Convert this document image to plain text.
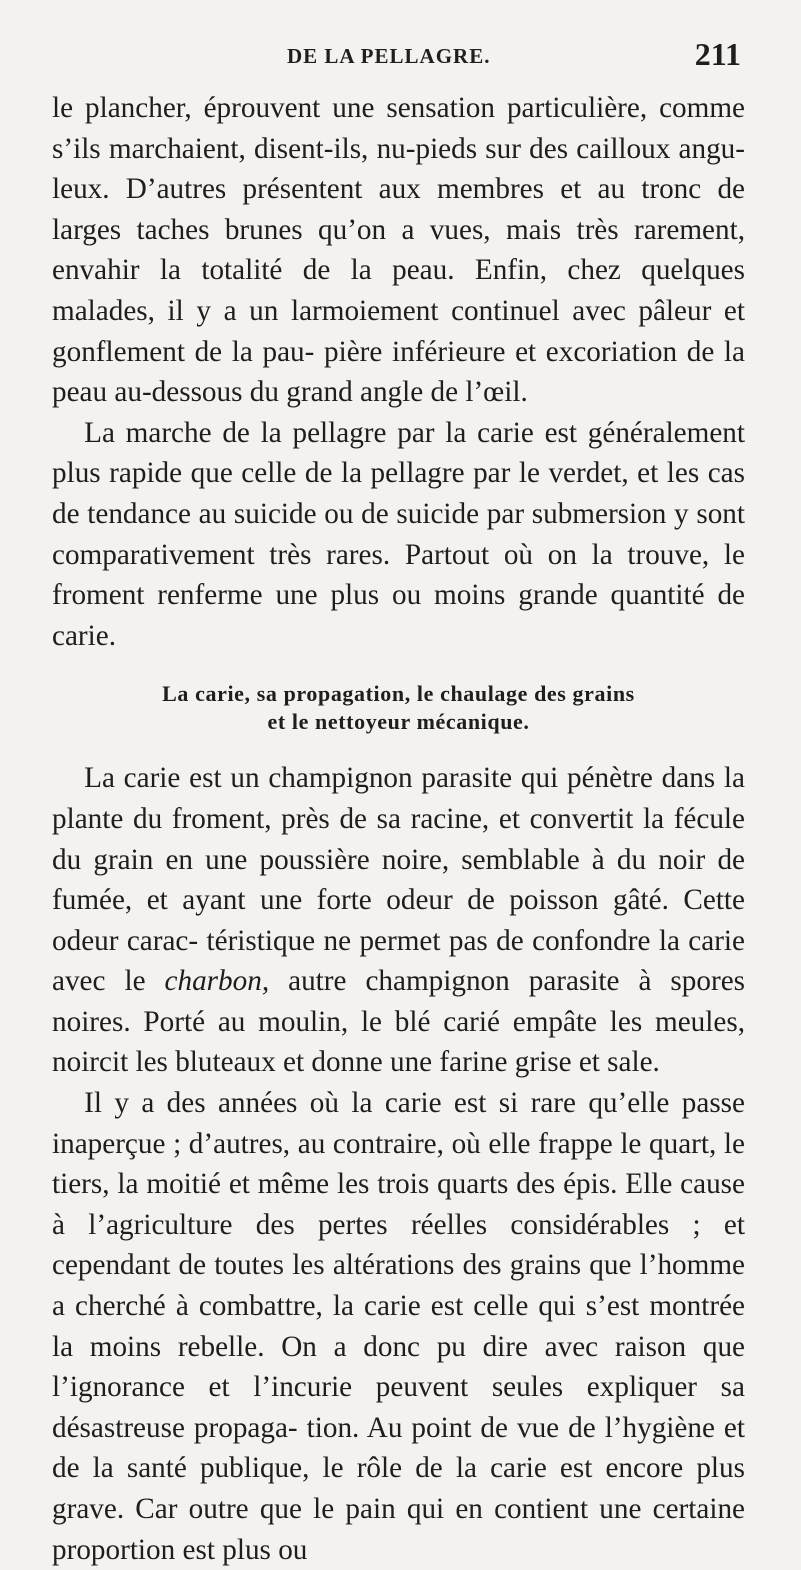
DE LA PELLAGRE.	211

le plancher, éprouvent une sensation particulière, comme s’ils marchaient, disent-ils, nu-pieds sur des cailloux angu- leux. D’autres présentent aux membres et au tronc de larges taches brunes qu’on a vues, mais très rarement, envahir la totalité de la peau. Enfin, chez quelques malades, il y a un larmoiement continuel avec pâleur et gonflement de la pau- pière inférieure et excoriation de la peau au-dessous du grand angle de l’œil.

La marche de la pellagre par la carie est généralement plus rapide que celle de la pellagre par le verdet, et les cas de tendance au suicide ou de suicide par submersion y sont comparativement très rares. Partout où on la trouve, le froment renferme une plus ou moins grande quantité de carie.

La carie, sa propagation, le chaulage des grains
et le nettoyeur mécanique.

La carie est un champignon parasite qui pénètre dans la plante du froment, près de sa racine, et convertit la fécule du grain en une poussière noire, semblable à du noir de fumée, et ayant une forte odeur de poisson gâté. Cette odeur carac- téristique ne permet pas de confondre la carie avec le charbon, autre champignon parasite à spores noires. Porté au moulin, le blé carié empâte les meules, noircit les bluteaux et donne une farine grise et sale.

Il y a des années où la carie est si rare qu’elle passe inaperçue ; d’autres, au contraire, où elle frappe le quart, le tiers, la moitié et même les trois quarts des épis. Elle cause à l’agriculture des pertes réelles considérables ; et cependant de toutes les altérations des grains que l’homme a cherché à combattre, la carie est celle qui s’est montrée la moins rebelle. On a donc pu dire avec raison que l’ignorance et l’incurie peuvent seules expliquer sa désastreuse propaga- tion. Au point de vue de l’hygiène et de la santé publique, le rôle de la carie est encore plus grave. Car outre que le pain qui en contient une certaine proportion est plus ou
